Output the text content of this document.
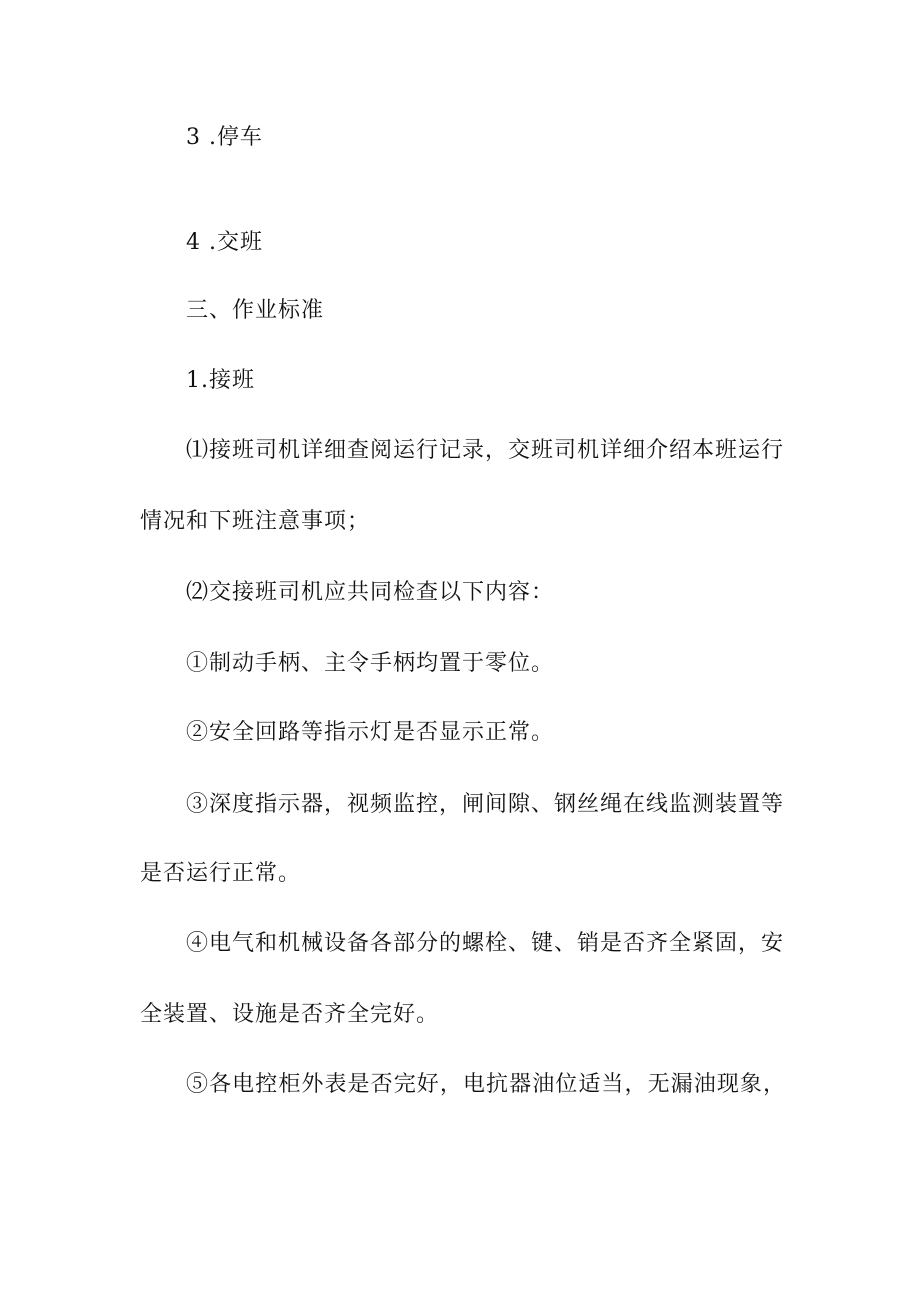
3 .停车
4 .交班
三、作业标准
1.接班
⑴接班司机详细查阅运行记录，交班司机详细介绍本班运行
情况和下班注意事项；
⑵交接班司机应共同检查以下内容：
①制动手柄、主令手柄均置于零位。
②安全回路等指示灯是否显示正常。
③深度指示器，视频监控，闸间隙、钢丝绳在线监测装置等
是否运行正常。
④电气和机械设备各部分的螺栓、键、销是否齐全紧固，安
全装置、设施是否齐全完好。
⑤各电控柜外表是否完好，电抗器油位适当，无漏油现象，
